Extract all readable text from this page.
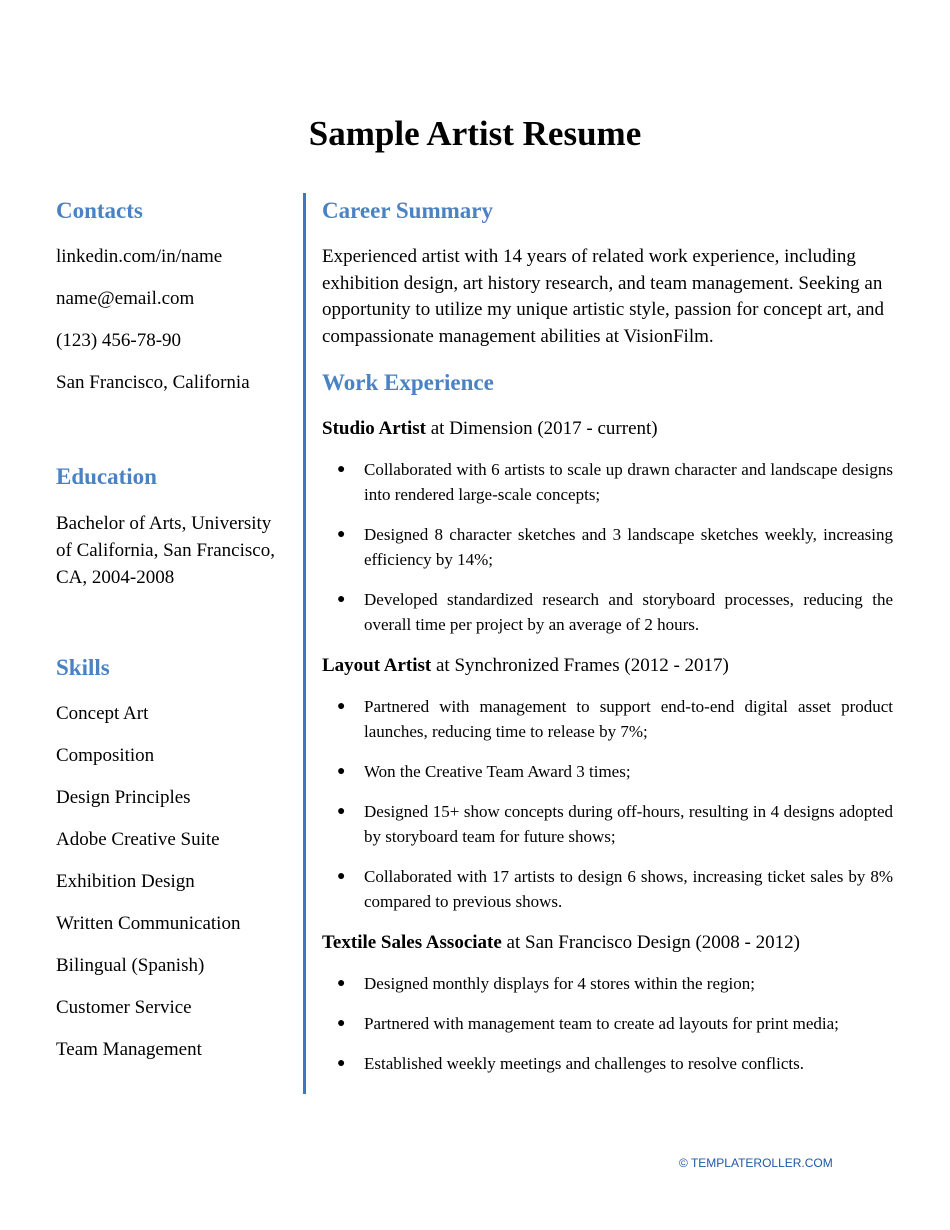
Sample Artist Resume
Contacts
linkedin.com/in/name
name@email.com
(123) 456-78-90
San Francisco, California
Education
Bachelor of Arts, University
of California, San Francisco,
CA, 2004-2008
Skills
Concept Art
Composition
Design Principles
Adobe Creative Suite
Exhibition Design
Written Communication
Bilingual (Spanish)
Customer Service
Team Management
Career Summary
Experienced artist with 14 years of related work experience, including exhibition design, art history research, and team management. Seeking an opportunity to utilize my unique artistic style, passion for concept art, and compassionate management abilities at VisionFilm.
Work Experience
Studio Artist at Dimension (2017 - current)
● Collaborated with 6 artists to scale up drawn character and landscape designs into rendered large-scale concepts;
● Designed 8 character sketches and 3 landscape sketches weekly, increasing efficiency by 14%;
● Developed standardized research and storyboard processes, reducing the overall time per project by an average of 2 hours.
Layout Artist at Synchronized Frames (2012 - 2017)
● Partnered with management to support end-to-end digital asset product launches, reducing time to release by 7%;
● Won the Creative Team Award 3 times;
● Designed 15+ show concepts during off-hours, resulting in 4 designs adopted by storyboard team for future shows;
● Collaborated with 17 artists to design 6 shows, increasing ticket sales by 8% compared to previous shows.
Textile Sales Associate at San Francisco Design (2008 - 2012)
● Designed monthly displays for 4 stores within the region;
● Partnered with management team to create ad layouts for print media;
● Established weekly meetings and challenges to resolve conflicts.
© TEMPLATEROLLER.COM
